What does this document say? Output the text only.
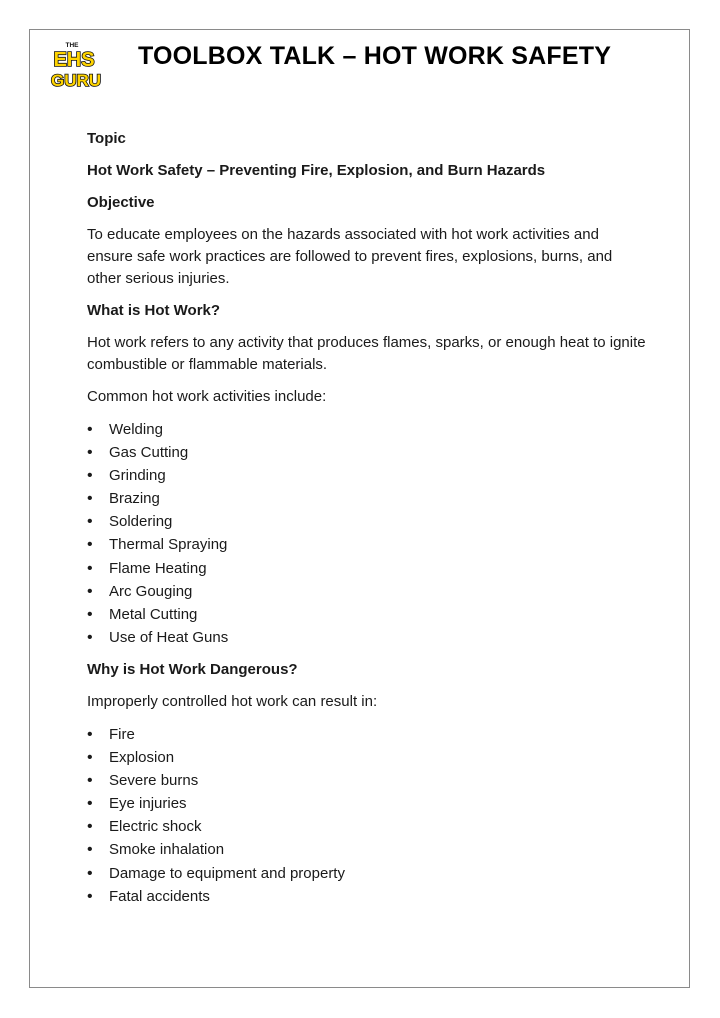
THE
EHS
GURU
TOOLBOX TALK – HOT WORK SAFETY
Topic
Hot Work Safety – Preventing Fire, Explosion, and Burn Hazards
Objective
To educate employees on the hazards associated with hot work activities and ensure safe work practices are followed to prevent fires, explosions, burns, and other serious injuries.
What is Hot Work?
Hot work refers to any activity that produces flames, sparks, or enough heat to ignite combustible or flammable materials.
Common hot work activities include:
• Welding
• Gas Cutting
• Grinding
• Brazing
• Soldering
• Thermal Spraying
• Flame Heating
• Arc Gouging
• Metal Cutting
• Use of Heat Guns
Why is Hot Work Dangerous?
Improperly controlled hot work can result in:
• Fire
• Explosion
• Severe burns
• Eye injuries
• Electric shock
• Smoke inhalation
• Damage to equipment and property
• Fatal accidents
